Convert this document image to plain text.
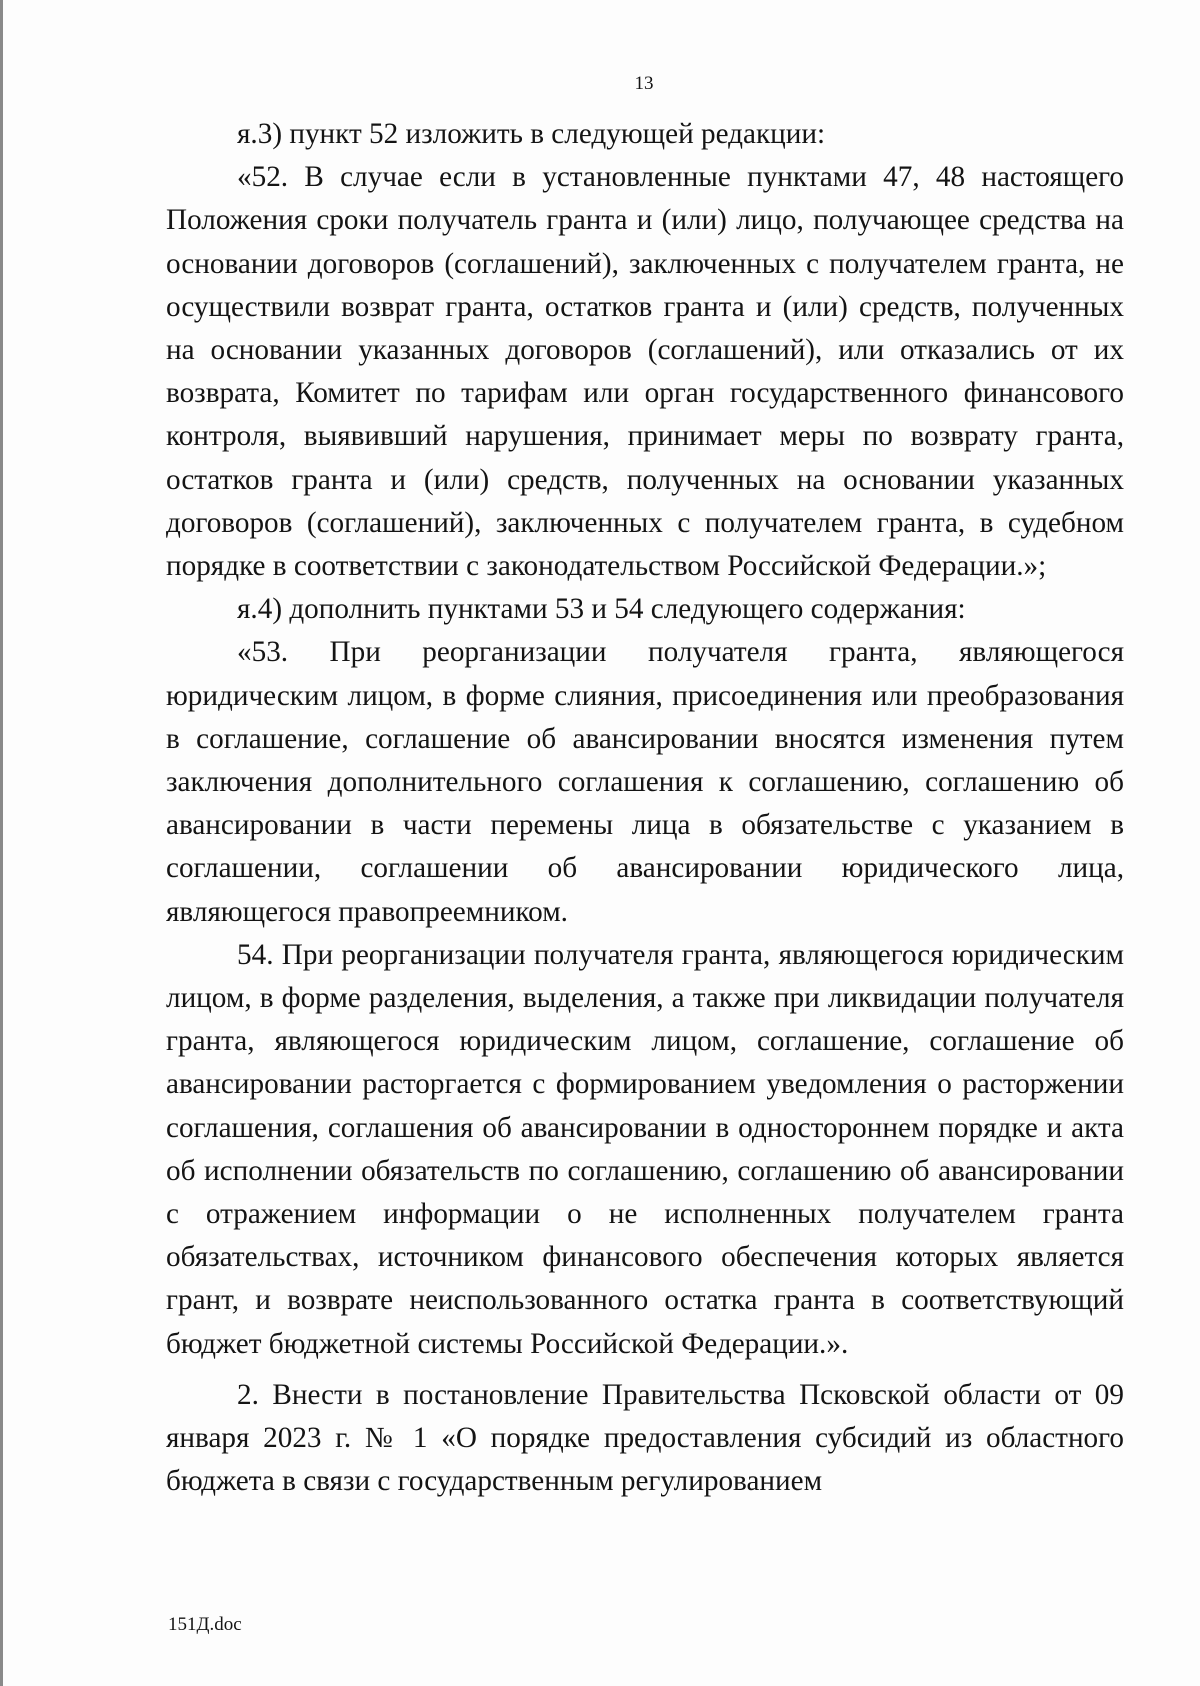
13

я.3) пункт 52 изложить в следующей редакции:

«52. В случае если в установленные пунктами 47, 48 настоящего Положения сроки получатель гранта и (или) лицо, получающее средства на основании договоров (соглашений), заключенных с получателем гранта, не осуществили возврат гранта, остатков гранта и (или) средств, полученных на основании указанных договоров (соглашений), или отказались от их возврата, Комитет по тарифам или орган государственного финансового контроля, выявивший нарушения, принимает меры по возврату гранта, остатков гранта и (или) средств, полученных на основании указанных договоров (соглашений), заключенных с получателем гранта, в судебном порядке в соответствии с законодательством Российской Федерации.»;

я.4) дополнить пунктами 53 и 54 следующего содержания:

«53. При реорганизации получателя гранта, являющегося юридическим лицом, в форме слияния, присоединения или преобразования в соглашение, соглашение об авансировании вносятся изменения путем заключения дополнительного соглашения к соглашению, соглашению об авансировании в части перемены лица в обязательстве с указанием в соглашении, соглашении об авансировании юридического лица, являющегося правопреемником.

54. При реорганизации получателя гранта, являющегося юридическим лицом, в форме разделения, выделения, а также при ликвидации получателя гранта, являющегося юридическим лицом, соглашение, соглашение об авансировании расторгается с формированием уведомления о расторжении соглашения, соглашения об авансировании в одностороннем порядке и акта об исполнении обязательств по соглашению, соглашению об авансировании с отражением информации о не исполненных получателем гранта обязательствах, источником финансового обеспечения которых является грант, и возврате неиспользованного остатка гранта в соответствующий бюджет бюджетной системы Российской Федерации.».

2. Внести в постановление Правительства Псковской области от 09 января 2023 г. № 1 «О порядке предоставления субсидий из областного бюджета в связи с государственным регулированием

151Д.doc
